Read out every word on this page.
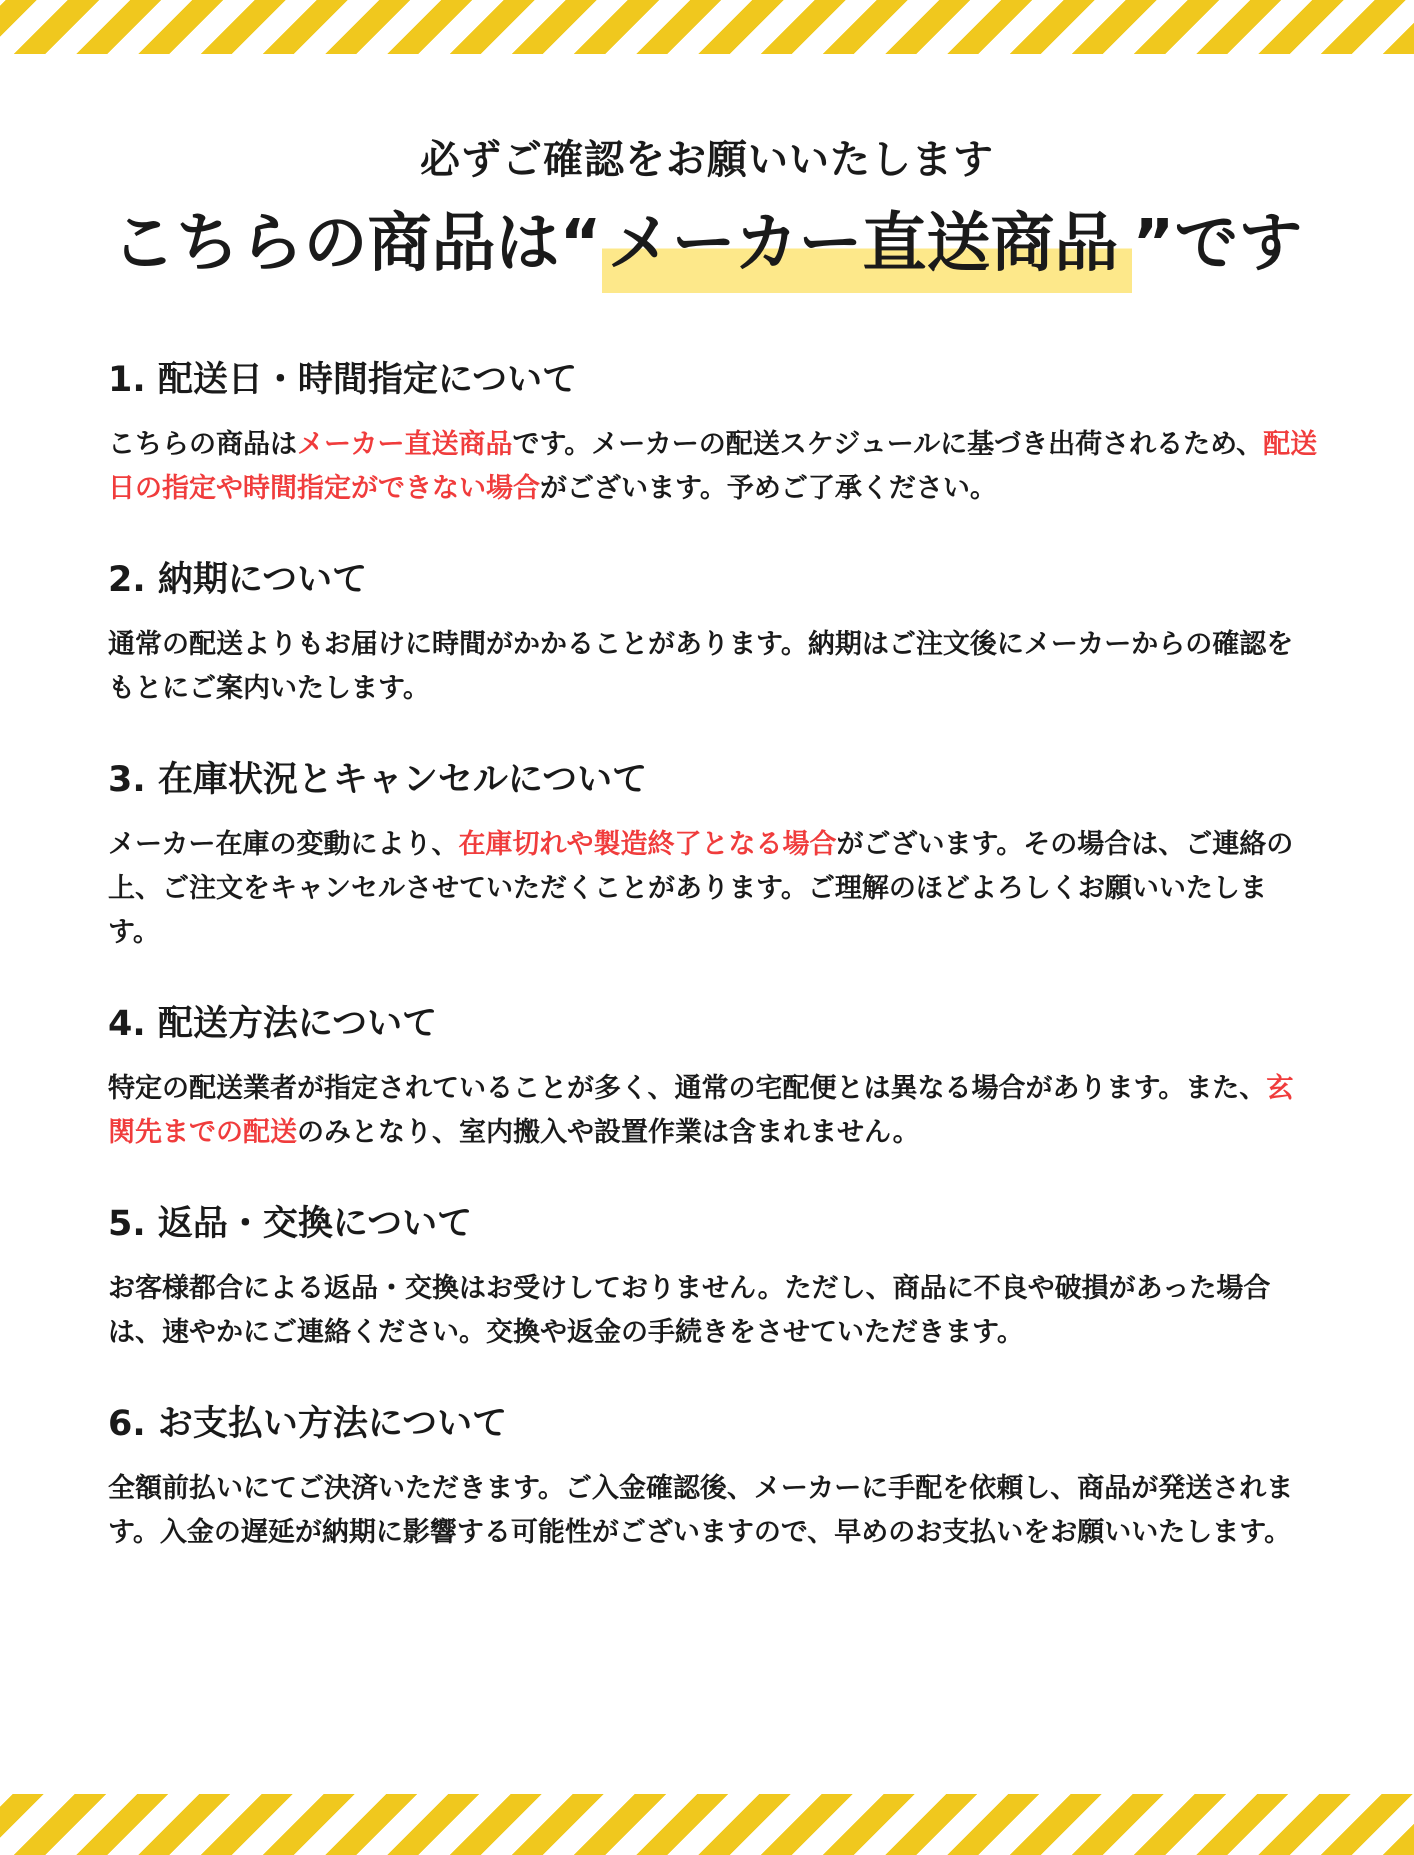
必ずご確認をお願いいたします
こちらの商品は“メーカー直送商品 ”です
1. 配送日・時間指定について

こちらの商品はメーカー直送商品です。メーカーの配送スケジュールに基づき出荷されるため、配送日の指定や時間指定ができない場合がございます。予めご了承ください。

2. 納期について

通常の配送よりもお届けに時間がかかることがあります。納期はご注文後にメーカーからの確認をもとにご案内いたします。

3. 在庫状況とキャンセルについて

メーカー在庫の変動により、在庫切れや製造終了となる場合がございます。その場合は、ご連絡の上、ご注文をキャンセルさせていただくことがあります。ご理解のほどよろしくお願いいたします。

4. 配送方法について

特定の配送業者が指定されていることが多く、通常の宅配便とは異なる場合があります。また、玄関先までの配送のみとなり、室内搬入や設置作業は含まれません。

5. 返品・交換について

お客様都合による返品・交換はお受けしておりません。ただし、商品に不良や破損があった場合は、速やかにご連絡ください。交換や返金の手続きをさせていただきます。

6. お支払い方法について

全額前払いにてご決済いただきます。ご入金確認後、メーカーに手配を依頼し、商品が発送されます。入金の遅延が納期に影響する可能性がございますので、早めのお支払いをお願いいたします。
